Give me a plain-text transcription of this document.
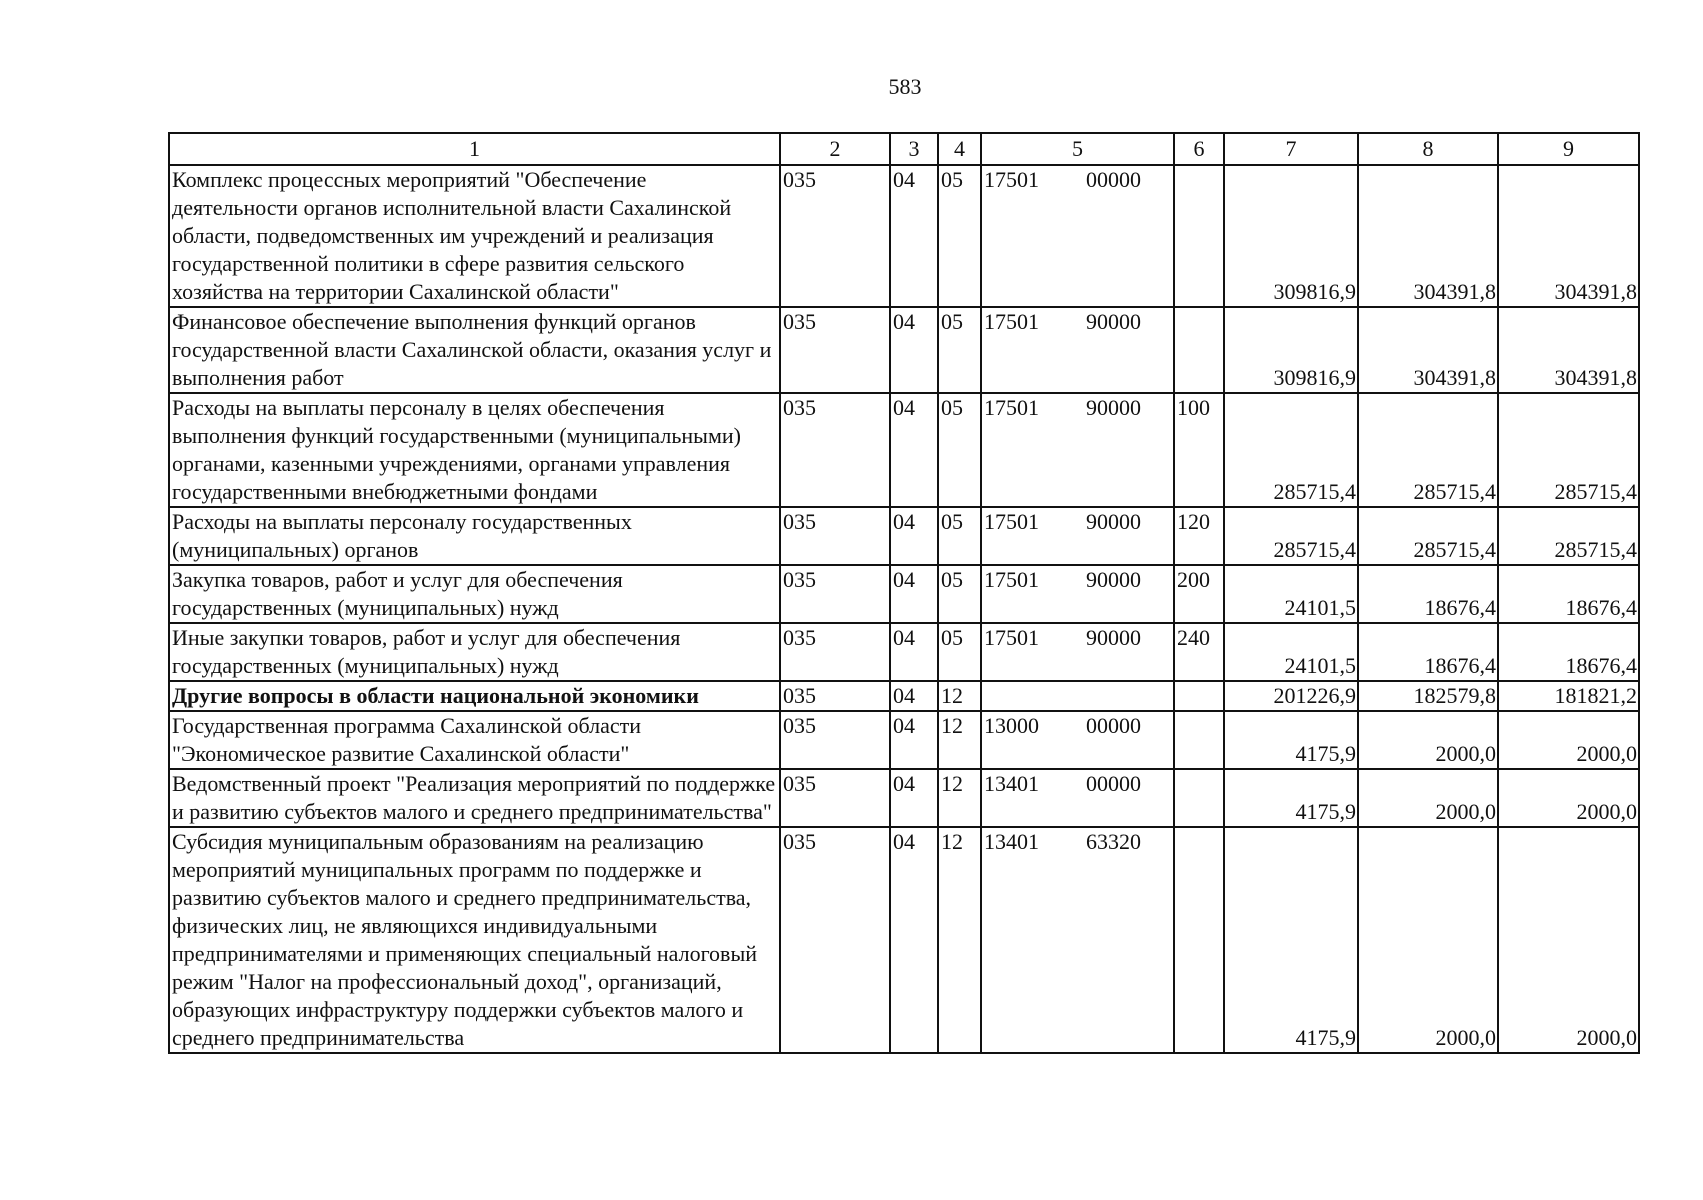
583
1	2	3	4	5	6	7	8	9
Комплекс процессных мероприятий "Обеспечение деятельности органов исполнительной власти Сахалинской области, подведомственных им учреждений и реализация государственной политики в сфере развития сельского хозяйства на территории Сахалинской области"	035	04	05	17501 00000		309816,9	304391,8	304391,8
Финансовое обеспечение выполнения функций органов государственной власти Сахалинской области, оказания услуг и выполнения работ	035	04	05	17501 90000		309816,9	304391,8	304391,8
Расходы на выплаты персоналу в целях обеспечения выполнения функций государственными (муниципальными) органами, казенными учреждениями, органами управления государственными внебюджетными фондами	035	04	05	17501 90000	100	285715,4	285715,4	285715,4
Расходы на выплаты персоналу государственных (муниципальных) органов	035	04	05	17501 90000	120	285715,4	285715,4	285715,4
Закупка товаров, работ и услуг для обеспечения государственных (муниципальных) нужд	035	04	05	17501 90000	200	24101,5	18676,4	18676,4
Иные закупки товаров, работ и услуг для обеспечения государственных (муниципальных) нужд	035	04	05	17501 90000	240	24101,5	18676,4	18676,4
Другие вопросы в области национальной экономики	035	04	12			201226,9	182579,8	181821,2
Государственная программа Сахалинской области "Экономическое развитие Сахалинской области"	035	04	12	13000 00000		4175,9	2000,0	2000,0
Ведомственный проект "Реализация мероприятий по поддержке и развитию субъектов малого и среднего предпринимательства"	035	04	12	13401 00000		4175,9	2000,0	2000,0
Субсидия муниципальным образованиям на реализацию мероприятий муниципальных программ по поддержке и развитию субъектов малого и среднего предпринимательства, физических лиц, не являющихся индивидуальными предпринимателями и применяющих специальный налоговый режим "Налог на профессиональный доход", организаций, образующих инфраструктуру поддержки субъектов малого и среднего предпринимательства	035	04	12	13401 63320		4175,9	2000,0	2000,0
